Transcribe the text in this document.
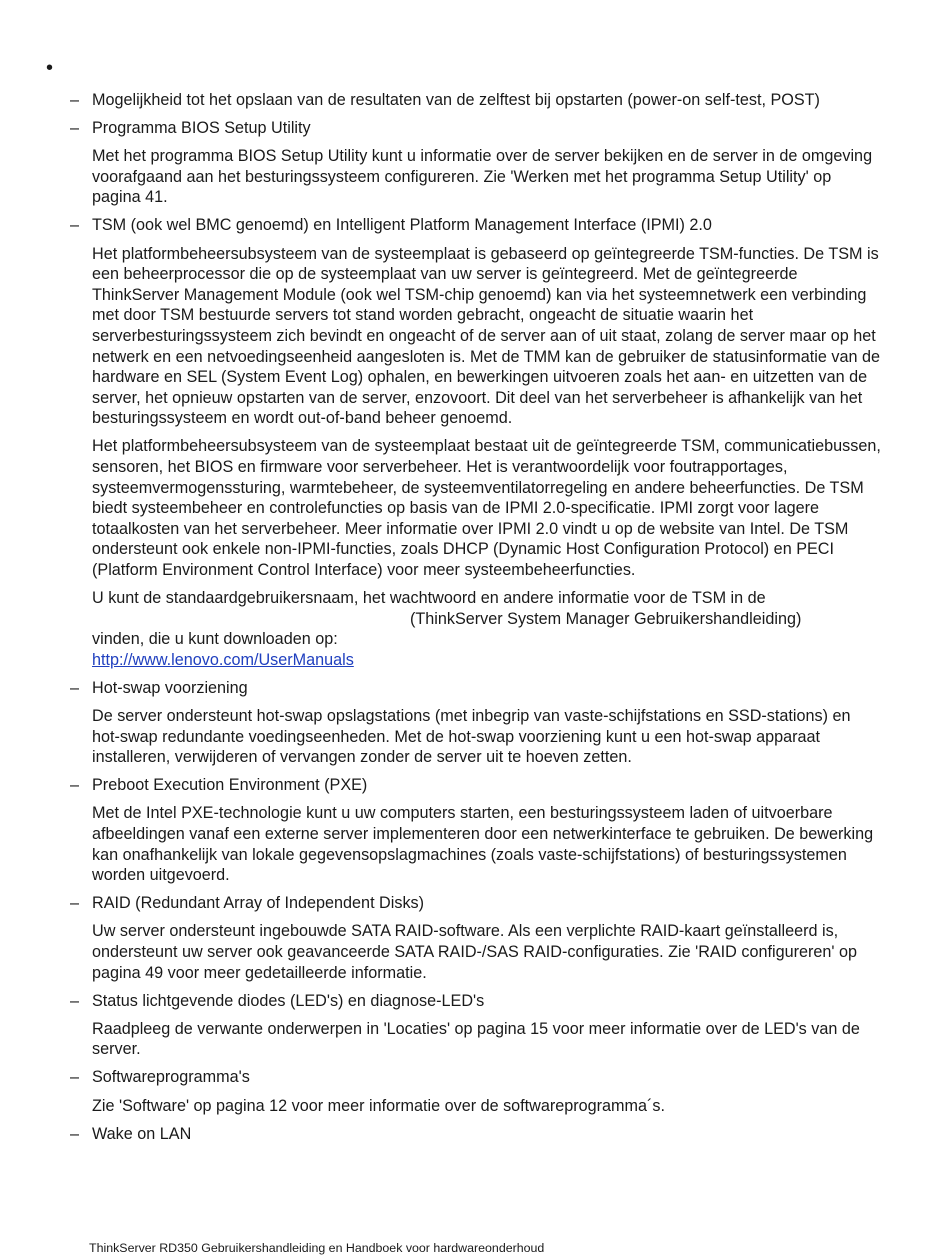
•
– Mogelijkheid tot het opslaan van de resultaten van de zelftest bij opstarten (power-on self-test, POST)
– Programma BIOS Setup Utility

Met het programma BIOS Setup Utility kunt u informatie over de server bekijken en de server in de omgeving voorafgaand aan het besturingssysteem configureren. Zie 'Werken met het programma Setup Utility' op pagina 41.

– TSM (ook wel BMC genoemd) en Intelligent Platform Management Interface (IPMI) 2.0

Het platformbeheersubsysteem van de systeemplaat is gebaseerd op geïntegreerde TSM-functies. De TSM is een beheerprocessor die op de systeemplaat van uw server is geïntegreerd. Met de geïntegreerde ThinkServer Management Module (ook wel TSM-chip genoemd) kan via het systeemnetwerk een verbinding met door TSM bestuurde servers tot stand worden gebracht, ongeacht de situatie waarin het serverbesturingssysteem zich bevindt en ongeacht of de server aan of uit staat, zolang de server maar op het netwerk en een netvoedingseenheid aangesloten is. Met de TMM kan de gebruiker de statusinformatie van de hardware en SEL (System Event Log) ophalen, en bewerkingen uitvoeren zoals het aan- en uitzetten van de server, het opnieuw opstarten van de server, enzovoort. Dit deel van het serverbeheer is afhankelijk van het besturingssysteem en wordt out-of-band beheer genoemd.

Het platformbeheersubsysteem van de systeemplaat bestaat uit de geïntegreerde TSM, communicatiebussen, sensoren, het BIOS en firmware voor serverbeheer. Het is verantwoordelijk voor foutrapportages, systeemvermogenssturing, warmtebeheer, de systeemventilatorregeling en andere beheerfuncties. De TSM biedt systeembeheer en controlefuncties op basis van de IPMI 2.0-specificatie. IPMI zorgt voor lagere totaalkosten van het serverbeheer. Meer informatie over IPMI 2.0 vindt u op de website van Intel. De TSM ondersteunt ook enkele non-IPMI-functies, zoals DHCP (Dynamic Host Configuration Protocol) en PECI (Platform Environment Control Interface) voor meer systeembeheerfuncties.

U kunt de standaardgebruikersnaam, het wachtwoord en andere informatie voor de TSM in de
(ThinkServer System Manager Gebruikershandleiding)
vinden, die u kunt downloaden op:
http://www.lenovo.com/UserManuals

– Hot-swap voorziening

De server ondersteunt hot-swap opslagstations (met inbegrip van vaste-schijfstations en SSD-stations) en hot-swap redundante voedingseenheden. Met de hot-swap voorziening kunt u een hot-swap apparaat installeren, verwijderen of vervangen zonder de server uit te hoeven zetten.

– Preboot Execution Environment (PXE)

Met de Intel PXE-technologie kunt u uw computers starten, een besturingssysteem laden of uitvoerbare afbeeldingen vanaf een externe server implementeren door een netwerkinterface te gebruiken. De bewerking kan onafhankelijk van lokale gegevensopslagmachines (zoals vaste-schijfstations) of besturingssystemen worden uitgevoerd.

– RAID (Redundant Array of Independent Disks)

Uw server ondersteunt ingebouwde SATA RAID-software. Als een verplichte RAID-kaart geïnstalleerd is, ondersteunt uw server ook geavanceerde SATA RAID-/SAS RAID-configuraties. Zie 'RAID configureren' op pagina 49 voor meer gedetailleerde informatie.

– Status lichtgevende diodes (LED's) en diagnose-LED's

Raadpleeg de verwante onderwerpen in 'Locaties' op pagina 15 voor meer informatie over de LED's van de server.

– Softwareprogramma's

Zie 'Software' op pagina 12 voor meer informatie over de softwareprogramma´s.

– Wake on LAN
ThinkServer RD350 Gebruikershandleiding en Handboek voor hardwareonderhoud
